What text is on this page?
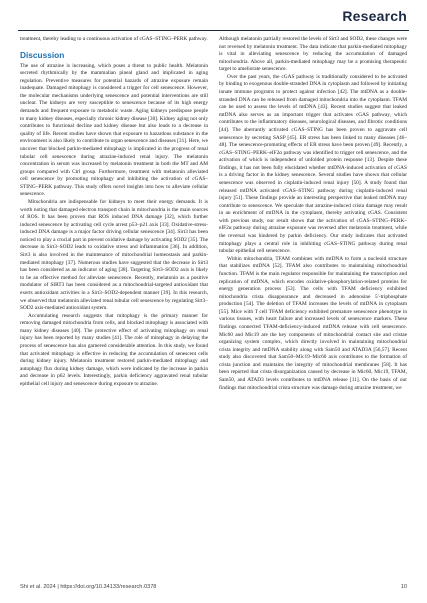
Research

treatment, thereby leading to a continuous activation of cGAS–STING–PERK pathway.

Discussion

The use of atrazine is increasing, which poses a threat to public health. Melatonin secreted rhythmically by the mammalian pineal gland and implicated in aging regulation. Preventive measures for potential hazards of atrazine exposure remain inadequate. Damaged mitophagy is considered a trigger for cell senescence. However, the molecular mechanisms underlying senescence and potential interventions are still unclear. The kidneys are very susceptible to senescence because of its high energy demands and frequent exposure to metabolic waste. Aging kidneys predispose people to many kidney diseases, especially chronic kidney disease [30]. Kidney aging not only contributes to functional decline and kidney disease but also leads to a decrease in quality of life. Recent studies have shown that exposure to hazardous substance in the environment is also likely to contribute to organ senescence and diseases [31]. Here, we uncover that blocked parkin-mediated mitophagy is implicated in the progress of renal tubular cell senescence during atrazine-induced renal injury. The melatonin concentration in serum was increased by melatonin treatment in both the MT and AM groups compared with Ctrl group. Furthermore, treatment with melatonin alleviated cell senescence by promoting mitophagy and inhibiting the activation of cGAS–STING–PERK pathway. This study offers novel insights into how to alleviate cellular senescence.

Mitochondria are indispensable for kidneys to meet their energy demands. It is worth noting that damaged electron transport chain in mitochondria is the main sources of ROS. It has been proven that ROS induced DNA damage [32], which further induced senescence by activating cell cycle arrest p53–p21 axis [33]. Oxidative-stress-induced DNA damage is a major factor driving cellular senescence [34]. Sirt3 has been noticed to play a crucial part in prevent oxidative damage by activating SOD2 [35]. The decrease in Sirt3–SOD2 leads to oxidative stress and inflammation [36]. In addition, Sirt3 is also involved in the maintenance of mitochondrial homeostasis and parkin-mediated mitophagy [37]. Numerous studies have suggested that the decrease in Sirt3 has been considered as an indicator of aging [38]. Targeting Sirt3–SOD2 axis is likely to be an effective method for alleviate senescence. Recently, melatonin as a positive modulator of SIRT3 has been considered as a mitochondrial-targeted antioxidant that exerts antioxidant activities in a Sirt3–SOD2-dependent manner [39]. In this research, we observed that melatonin alleviated renal tubular cell senescence by regulating Sirt3–SOD2 axis-mediated antioxidant system.

Accumulating research suggests that mitophagy is the primary manner for removing damaged mitochondria from cells, and blocked mitophagy is associated with many kidney diseases [40]. The protective effect of activating mitophagy on renal injury has been reported by many studies [41]. The role of mitophagy in delaying the process of senescence has also garnered considerable attention. In this study, we found that activated mitophagy is effective in reducing the accumulation of senescent cells during kidney injury. Melatonin treatment restored parkin-mediated mitophagy and autophagy flux during kidney damage, which were indicated by the increase in parkin and decrease in p62 levels. Interestingly, parkin deficiency aggravated renal tubular epithelial cell injury and senescence during exposure to atrazine.

Although melatonin partially restored the levels of Sirt3 and SOD2, these changes were not reversed by melatonin treatment. The data indicate that parkin-mediated mitophagy is vital in alleviating senescence by reducing the accumulation of damaged mitochondria. Above all, parkin-mediated mitophagy may be a promising therapeutic target to ameliorate senescence.

Over the past years, the cGAS pathway is traditionally considered to be activated by binding to exogenous double-stranded DNA in cytoplasm and followed by initiating innate immune programs to protect against infection [42]. The mtDNA as a double-stranded DNA can be released from damaged mitochondria into the cytoplasm. TFAM can be used to assess the levels of mtDNA [43]. Recent studies suggest that leaked mtDNA also serves as an important trigger that activates cGAS pathway, which contributes to the inflammatory diseases, neurological diseases, and fibrotic conditions [44]. The aberrantly activated cGAS–STING has been proven to aggravate cell senescence by secreting SASP [45]. ER stress has been linked to many diseases [46–48]. The senescence-promoting effects of ER stress have been proven [49]. Recently, a cGAS–STING–PERK–eIF2α pathway was identified to trigger cell senescence, and the activation of which is independent of unfolded protein response [13]. Despite these findings, it has not been fully elucidated whether mtDNA-induced activation of cGAS is a driving factor in the kidney senescence. Several studies have shown that cellular senescence was observed in cisplatin-induced renal injury [50]. A study found that released mtDNA activated cGAS–STING pathway during cisplatin-induced renal injury [51]. These findings provide an interesting perspective that leaked mtDNA may contribute to senescence. We speculate that atrazine-induced crista damage may result in an enrichment of mtDNA in the cytoplasm, thereby activating cGAS. Consistent with previous study, our result shows that the activation of cGAS–STING–PERK–eIF2α pathway during atrazine exposure was reversed after melatonin treatment, while the reversal was hindered by parkin deficiency. Our study indicates that activated mitophagy plays a central role in inhibiting cGAS–STING pathway during renal tubular epithelial cell senescence.

Within mitochondria, TFAM combines with mtDNA to form a nucleoid structure that stabilizes mtDNA [52]. TFAM also contributes to maintaining mitochondrial function. TFAM is the main regulator responsible for maintaining the transcription and replication of mtDNA, which encodes oxidative-phosphorylation-related proteins for energy generation process [53]. The cells with TFAM deficiency exhibited mitochondria crista disappearance and decreased in adenosine 5′-triphosphate production [54]. The deletion of TFAM increases the levels of mtDNA in cytoplasm [55]. Mice with T cell TFAM deficiency exhibited premature senescence phenotype in various tissues, with heart failure and increased levels of senescence markers. These findings connected TFAM-deficiency-induced mtDNA release with cell senescence. Mic60 and Mic19 are the key components of mitochondrial contact site and cristae organizing system complex, which directly involved in maintaining mitochondrial crista integrity and mtDNA stability along with Sam50 and ATAD3A [56,57]. Recent study also discovered that Sam50–Mic19–Mic60 axis contributes to the formation of crista junction and maintains the integrity of mitochondrial membranes [58]. It has been reported that crista disorganization caused by decrease in Mic60, Mic19, TFAM, Sam50, and ATAD3 levels contributes to mtDNA release [11]. On the basis of our findings that mitochondrial crista structure was damage during atrazine treatment, we

Shi et al. 2024 | https://doi.org/10.34133/research.0378	10
